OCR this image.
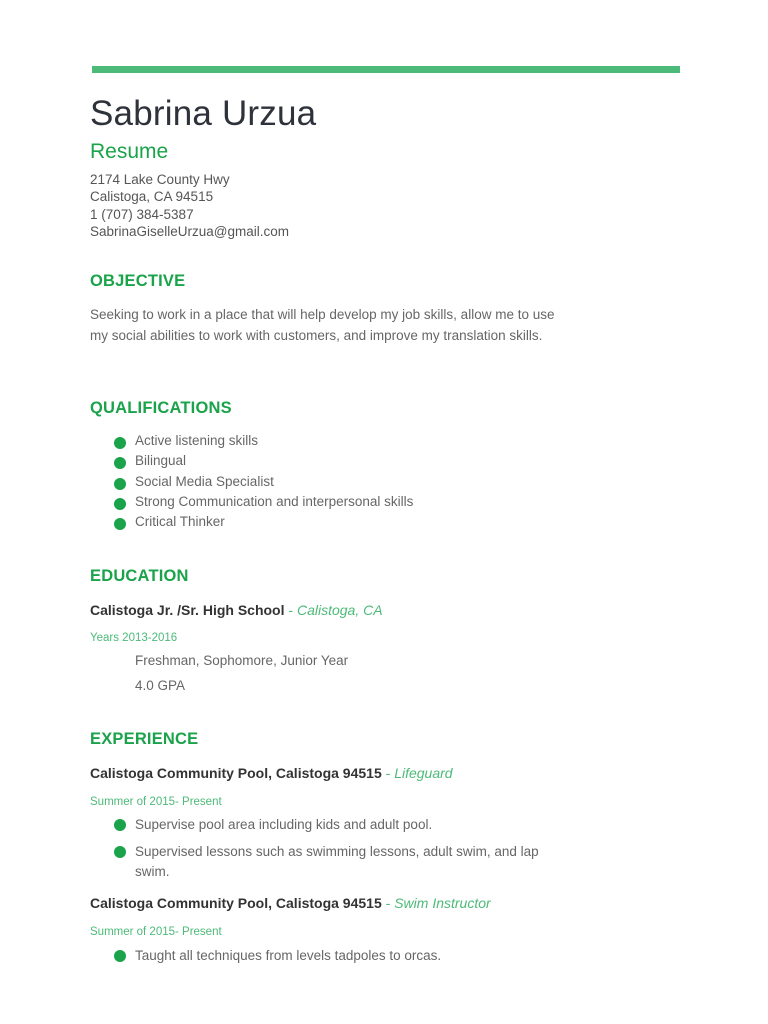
Sabrina Urzua
Resume
2174 Lake County Hwy
Calistoga, CA 94515
1 (707) 384-5387
SabrinaGiselleUrzua@gmail.com
OBJECTIVE
Seeking to work in a place that will help develop my job skills, allow me to use my social abilities to work with customers, and improve my translation skills.
QUALIFICATIONS
Active listening skills
Bilingual
Social Media Specialist
Strong Communication and interpersonal skills
Critical Thinker
EDUCATION
Calistoga Jr. /Sr. High School - Calistoga, CA
Years 2013-2016
Freshman, Sophomore, Junior Year
4.0 GPA
EXPERIENCE
Calistoga Community Pool, Calistoga 94515 - Lifeguard
Summer of 2015- Present
Supervise pool area including kids and adult pool.
Supervised lessons such as swimming lessons, adult swim, and lap swim.
Calistoga Community Pool, Calistoga 94515 - Swim Instructor
Summer of 2015- Present
Taught all techniques from levels tadpoles to orcas.
